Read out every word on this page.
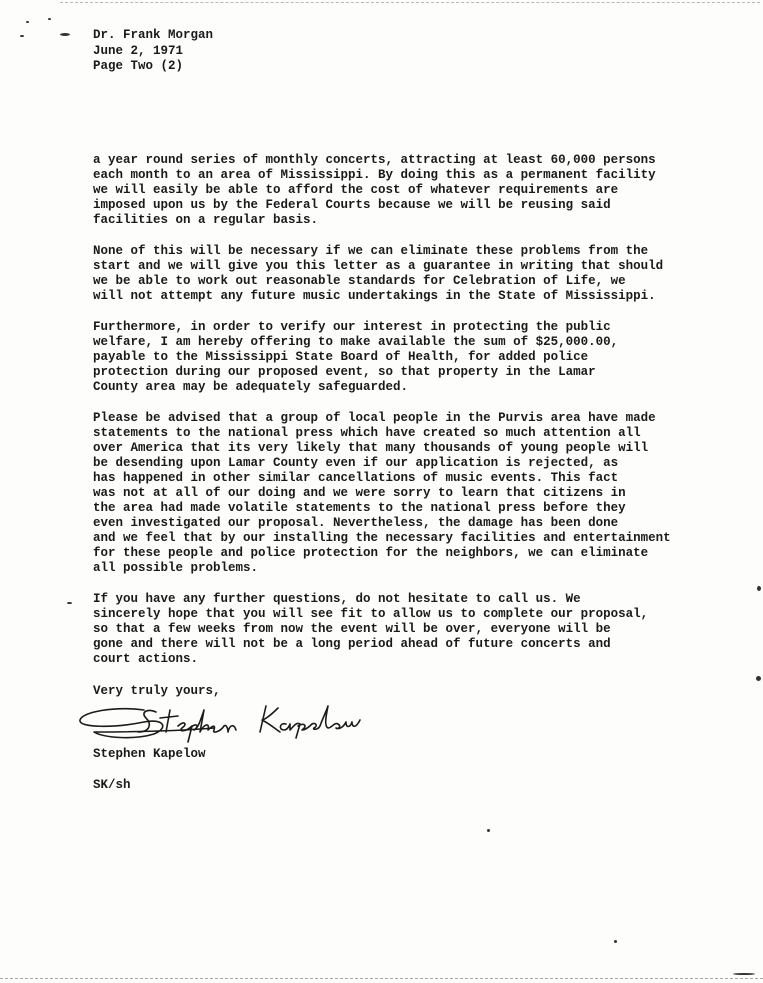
Dr. Frank Morgan
June 2, 1971
Page Two (2)

a year round series of monthly concerts, attracting at least 60,000 persons
each month to an area of Mississippi. By doing this as a permanent facility
we will easily be able to afford the cost of whatever requirements are
imposed upon us by the Federal Courts because we will be reusing said
facilities on a regular basis.

None of this will be necessary if we can eliminate these problems from the
start and we will give you this letter as a guarantee in writing that should
we be able to work out reasonable standards for Celebration of Life, we
will not attempt any future music undertakings in the State of Mississippi.

Furthermore, in order to verify our interest in protecting the public
welfare, I am hereby offering to make available the sum of $25,000.00,
payable to the Mississippi State Board of Health, for added police
protection during our proposed event, so that property in the Lamar
County area may be adequately safeguarded.

Please be advised that a group of local people in the Purvis area have made
statements to the national press which have created so much attention all
over America that its very likely that many thousands of young people will
be desending upon Lamar County even if our application is rejected, as
has happened in other similar cancellations of music events. This fact
was not at all of our doing and we were sorry to learn that citizens in
the area had made volatile statements to the national press before they
even investigated our proposal. Nevertheless, the damage has been done
and we feel that by our installing the necessary facilities and entertainment
for these people and police protection for the neighbors, we can eliminate
all possible problems.

If you have any further questions, do not hesitate to call us. We
sincerely hope that you will see fit to allow us to complete our proposal,
so that a few weeks from now the event will be over, everyone will be
gone and there will not be a long period ahead of future concerts and
court actions.

Very truly yours,
Stephen Kapelow
SK/sh
